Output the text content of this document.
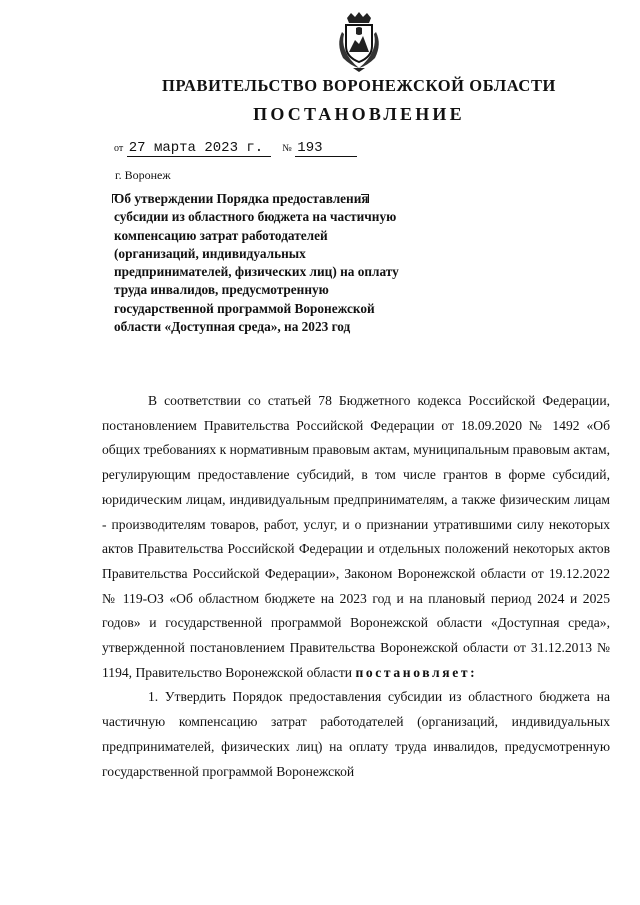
ПРАВИТЕЛЬСТВО ВОРОНЕЖСКОЙ ОБЛАСТИ
ПОСТАНОВЛЕНИЕ
от 27 марта 2023 г. № 193
г. Воронеж
Об утверждении Порядка предоставления субсидии из областного бюджета на частичную компенсацию затрат работодателей (организаций, индивидуальных предпринимателей, физических лиц) на оплату труда инвалидов, предусмотренную государственной программой Воронежской области «Доступная среда», на 2023 год

В соответствии со статьей 78 Бюджетного кодекса Российской Федерации, постановлением Правительства Российской Федерации от 18.09.2020 № 1492 «Об общих требованиях к нормативным правовым актам, муниципальным правовым актам, регулирующим предоставление субсидий, в том числе грантов в форме субсидий, юридическим лицам, индивидуальным предпринимателям, а также физическим лицам - производителям товаров, работ, услуг, и о признании утратившими силу некоторых актов Правительства Российской Федерации и отдельных положений некоторых актов Правительства Российской Федерации», Законом Воронежской области от 19.12.2022 № 119-ОЗ «Об областном бюджете на 2023 год и на плановый период 2024 и 2025 годов» и государственной программой Воронежской области «Доступная среда», утвержденной постановлением Правительства Воронежской области от 31.12.2013 № 1194, Правительство Воронежской области постановляет:

1. Утвердить Порядок предоставления субсидии из областного бюджета на частичную компенсацию затрат работодателей (организаций, индивидуальных предпринимателей, физических лиц) на оплату труда инвалидов, предусмотренную государственной программой Воронежской
